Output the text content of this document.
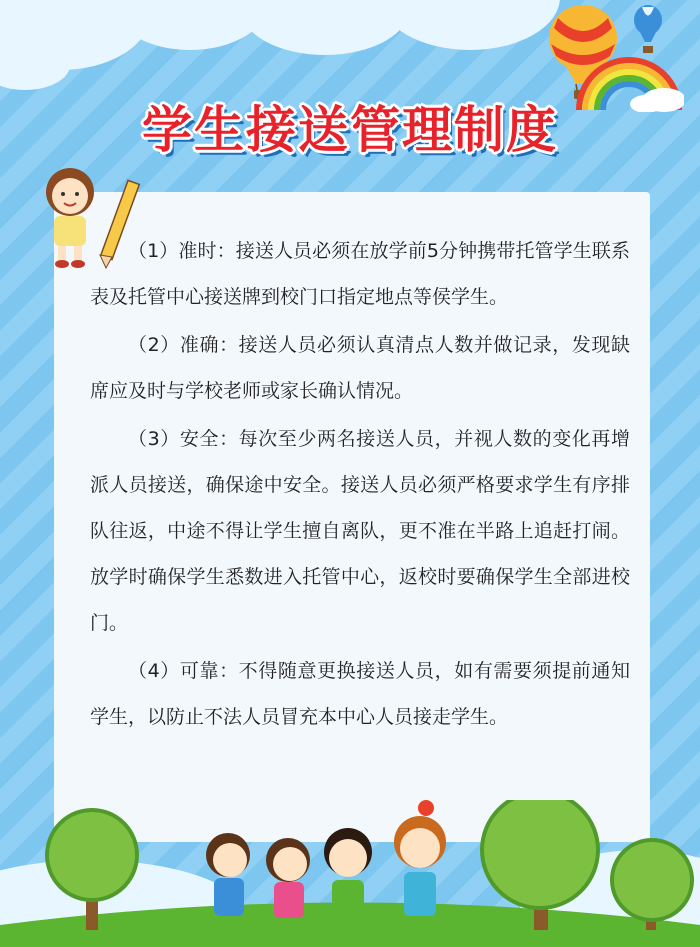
学生接送管理制度

（1）准时：接送人员必须在放学前5分钟携带托管学生联系表及托管中心接送牌到校门口指定地点等侯学生。

（2）准确：接送人员必须认真清点人数并做记录，发现缺席应及时与学校老师或家长确认情况。

（3）安全：每次至少两名接送人员，并视人数的变化再增派人员接送，确保途中安全。接送人员必须严格要求学生有序排队往返，中途不得让学生擅自离队，更不准在半路上追赶打闹。放学时确保学生悉数进入托管中心，返校时要确保学生全部进校门。

（4）可靠：不得随意更换接送人员，如有需要须提前通知学生，以防止不法人员冒充本中心人员接走学生。
